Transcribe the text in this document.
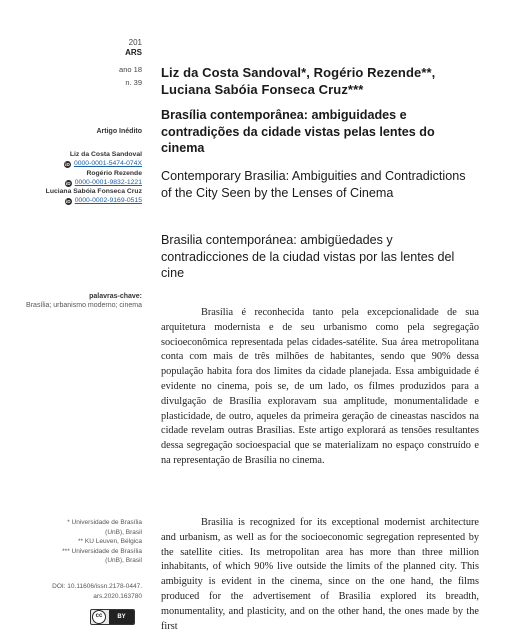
201
ARS
ano 18
n. 39
Artigo Inédito
Liz da Costa Sandoval
iD 0000-0001-5474-074X
Rogério Rezende
iD 0000-0001-9832-1221
Luciana Sabóia Fonseca Cruz
iD 0000-0002-9169-0515
palavras-chave:
Brasília; urbanismo moderno; cinema
* Universidade de Brasília
(UnB), Brasil
** KU Leuven, Bélgica
*** Universidade de Brasília
(UnB), Brasil
DOI: 10.11606/issn.2178-0447.
ars.2020.163780
cc	BY
Liz da Costa Sandoval*, Rogério Rezende**, Luciana Sabóia Fonseca Cruz***
Brasília contemporânea: ambiguidades e contradições da cidade vistas pelas lentes do cinema
Contemporary Brasilia: Ambiguities and Contradictions of the City Seen by the Lenses of Cinema
Brasilia contemporánea: ambigüedades y contradicciones de la ciudad vistas por las lentes del cine

Brasília é reconhecida tanto pela excepcionalidade de sua arquitetura modernista e de seu urbanismo como pela segregação socioeconômica representada pelas cidades-satélite. Sua área metropolitana conta com mais de três milhões de habitantes, sendo que 90% dessa população habita fora dos limites da cidade planejada. Essa ambiguidade é evidente no cinema, pois se, de um lado, os filmes produzidos para a divulgação de Brasília exploravam sua amplitude, monumentalidade e plasticidade, de outro, aqueles da primeira geração de cineastas nascidos na cidade revelam outras Brasílias. Este artigo explorará as tensões resultantes dessa segregação socioespacial que se materializam no espaço construído e na representação de Brasília no cinema.

Brasilia is recognized for its exceptional modernist architecture and urbanism, as well as for the socioeconomic segregation represented by the satellite cities. Its metropolitan area has more than three million inhabitants, of which 90% live outside the limits of the planned city. This ambiguity is evident in the cinema, since on the one hand, the films produced for the advertisement of Brasilia explored its breadth, monumentality, and plasticity, and on the other hand, the ones made by the first
